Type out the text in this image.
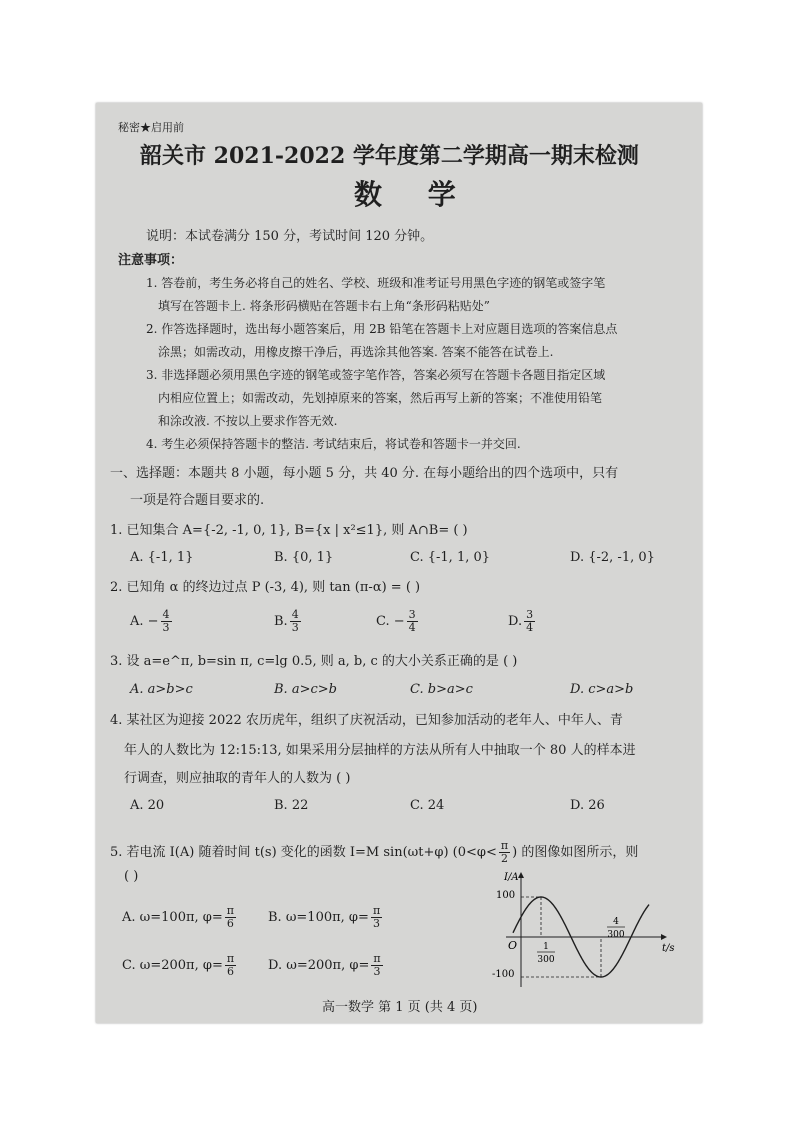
秘密★启用前
韶关市 2021-2022 学年度第二学期高一期末检测
数 学
说明：本试卷满分 150 分，考试时间 120 分钟。
注意事项：
1. 答卷前，考生务必将自己的姓名、学校、班级和准考证号用黑色字迹的钢笔或签字笔
填写在答题卡上. 将条形码横贴在答题卡右上角“条形码粘贴处”
2. 作答选择题时，选出每小题答案后，用 2B 铅笔在答题卡上对应题目选项的答案信息点
涂黑；如需改动，用橡皮擦干净后，再选涂其他答案. 答案不能答在试卷上.
3. 非选择题必须用黑色字迹的钢笔或签字笔作答，答案必须写在答题卡各题目指定区域
内相应位置上；如需改动，先划掉原来的答案，然后再写上新的答案；不准使用铅笔
和涂改液. 不按以上要求作答无效.
4. 考生必须保持答题卡的整洁. 考试结束后，将试卷和答题卡一并交回.
一、选择题：本题共 8 小题，每小题 5 分，共 40 分. 在每小题给出的四个选项中，只有
一项是符合题目要求的.
1. 已知集合 A={-2, -1, 0, 1}, B={x | x²≤1}, 则 A∩B= ( )
A. {-1, 1}	B. {0, 1}	C. {-1, 1, 0}	D. {-2, -1, 0}
2. 已知角 α 的终边过点 P (-3, 4), 则 tan (π-α) = ( )
A. − $\frac{4}{3}$	B. $\frac{4}{3}$	C. − $\frac{3}{4}$	D. $\frac{3}{4}$
3. 设 a=e^π, b=sin π, c=lg 0.5, 则 a, b, c 的大小关系正确的是 ( )
A. a>b>c	B. a>c>b	C. b>a>c	D. c>a>b
4. 某社区为迎接 2022 农历虎年，组织了庆祝活动，已知参加活动的老年人、中年人、青
年人的人数比为 12:15:13, 如果采用分层抽样的方法从所有人中抽取一个 80 人的样本进
行调查，则应抽取的青年人的人数为 ( )
A. 20	B. 22	C. 24	D. 26
5. 若电流 I(A) 随着时间 t(s) 变化的函数 I=M sin(ωt+φ) ($0<\varphi< \frac{\pi}{2}$ ) 的图像如图所示，则
( )
A. ω=100π, $\varphi= \frac{\pi}{6} B$. ω=100π, $\varphi= \frac{\pi}{3}$
C. ω=200π, $\varphi= \frac{\pi}{6} D$. ω=200π, $\varphi= \frac{\pi}{3}$
I/A
100
-100
O	t/s
1
300
4
300
高一数学 第 1 页 (共 4 页)
